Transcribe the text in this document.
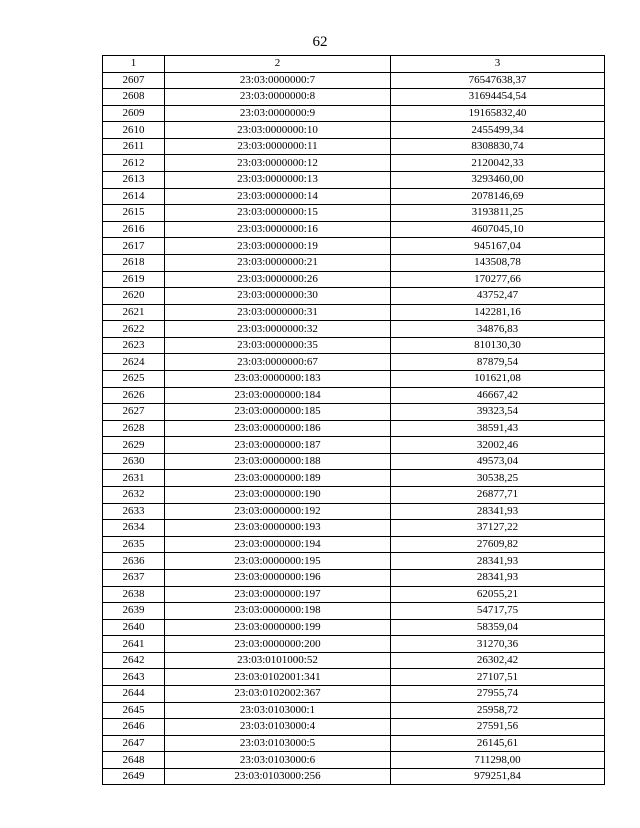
62
1	2	3
2607	23:03:0000000:7	76547638,37
2608	23:03:0000000:8	31694454,54
2609	23:03:0000000:9	19165832,40
2610	23:03:0000000:10	2455499,34
2611	23:03:0000000:11	8308830,74
2612	23:03:0000000:12	2120042,33
2613	23:03:0000000:13	3293460,00
2614	23:03:0000000:14	2078146,69
2615	23:03:0000000:15	3193811,25
2616	23:03:0000000:16	4607045,10
2617	23:03:0000000:19	945167,04
2618	23:03:0000000:21	143508,78
2619	23:03:0000000:26	170277,66
2620	23:03:0000000:30	43752,47
2621	23:03:0000000:31	142281,16
2622	23:03:0000000:32	34876,83
2623	23:03:0000000:35	810130,30
2624	23:03:0000000:67	87879,54
2625	23:03:0000000:183	101621,08
2626	23:03:0000000:184	46667,42
2627	23:03:0000000:185	39323,54
2628	23:03:0000000:186	38591,43
2629	23:03:0000000:187	32002,46
2630	23:03:0000000:188	49573,04
2631	23:03:0000000:189	30538,25
2632	23:03:0000000:190	26877,71
2633	23:03:0000000:192	28341,93
2634	23:03:0000000:193	37127,22
2635	23:03:0000000:194	27609,82
2636	23:03:0000000:195	28341,93
2637	23:03:0000000:196	28341,93
2638	23:03:0000000:197	62055,21
2639	23:03:0000000:198	54717,75
2640	23:03:0000000:199	58359,04
2641	23:03:0000000:200	31270,36
2642	23:03:0101000:52	26302,42
2643	23:03:0102001:341	27107,51
2644	23:03:0102002:367	27955,74
2645	23:03:0103000:1	25958,72
2646	23:03:0103000:4	27591,56
2647	23:03:0103000:5	26145,61
2648	23:03:0103000:6	711298,00
2649	23:03:0103000:256	979251,84
